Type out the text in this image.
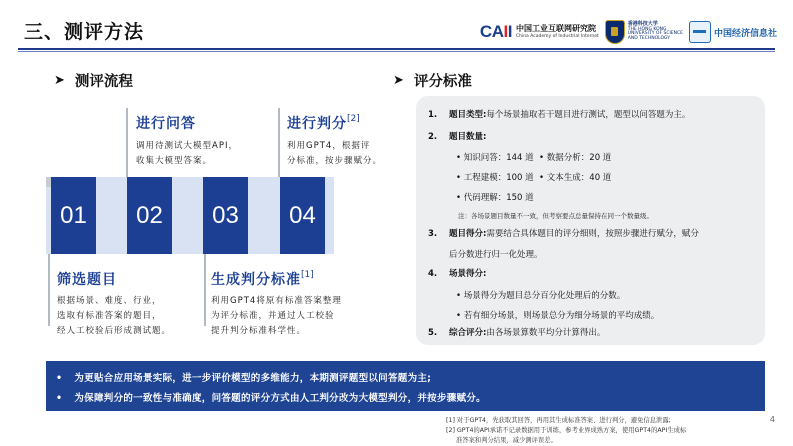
三、测评方法	CAII 中国工业互联网研究院
China Academy of Industrial Internet
香港科技大学
THE HONG KONG
UNIVERSITY OF SCIENCE
AND TECHNOLOGY	中国经济信息社
➤ 测评流程	➤ 评分标准
01	02	03	04
进行问答
调用待测试大模型API，
收集大模型答案。
进行判分[2]
利用GPT4，根据评
分标准，按步骤赋分。
筛选题目
根据场景、难度、行业，
选取有标准答案的题目，
经人工校验后形成测试题。
生成判分标准[1]
利用GPT4将原有标准答案整理
为评分标准，并通过人工校验
提升判分标准科学性。
1. 题目类型:每个场景抽取若干题目进行测试，题型以问答题为主。
2. 题目数量:
• 知识问答：144 道  • 数据分析：20 道
• 工程建模：100 道  • 文本生成：40 道
• 代码理解：150 道
注：各场景题目数量不一致，但考察要点总量保持在同一个数量级。
3. 题目得分:需要结合具体题目的评分细则，按照步骤进行赋分，赋分
后分数进行归一化处理。
4. 场景得分:
• 场景得分为题目总分百分化处理后的分数。
• 若有细分场景，则场景总分为细分场景的平均成绩。
5. 综合评分:由各场景算数平均分计算得出。
• 为更贴合应用场景实际，进一步评价模型的多维能力，本期测评题型以问答题为主;
• 为保障判分的一致性与准确度，问答题的评分方式由人工判分改为大模型判分，并按步骤赋分。
[1] 对于GPT4，先获取其回答，再用其生成标准答案、进行判分，避免信息泄露;
[2] GPT4的API承诺不记录数据用于训练，参考业界成熟方案，使用GPT4的API生成标
准答案和判分结果，减少测评误差。
4
